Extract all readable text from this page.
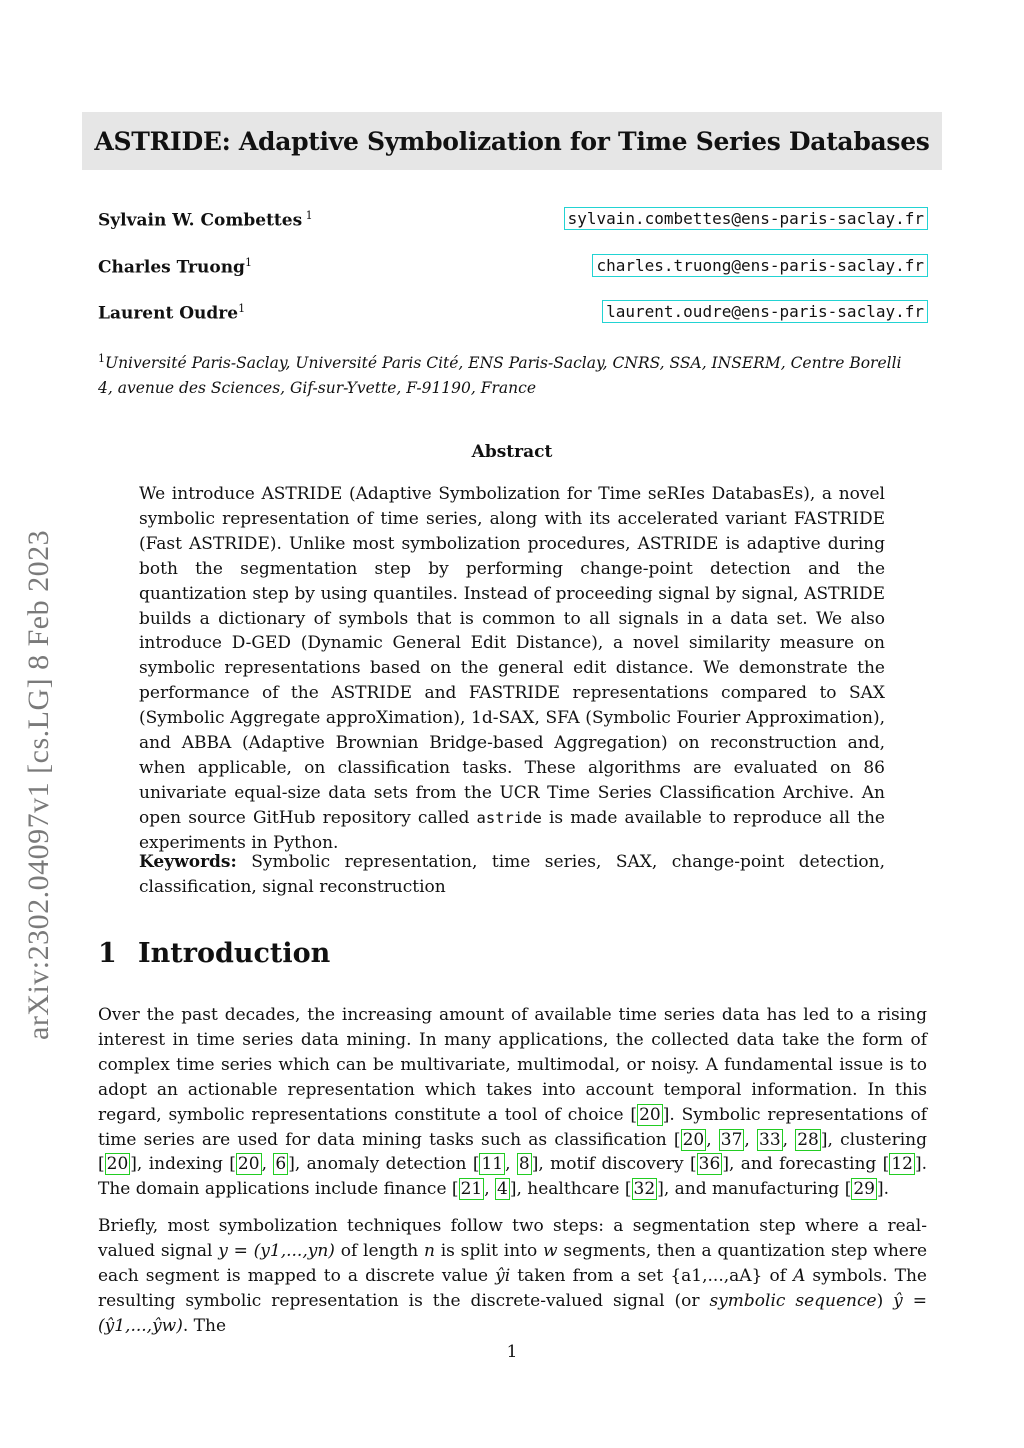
arXiv:2302.04097v1 [cs.LG] 8 Feb 2023
ASTRIDE: Adaptive Symbolization for Time Series Databases
Sylvain W. Combettes $^1$	sylvain.combettes@ens-paris-saclay.fr
Charles Truong$^1$	charles.truong@ens-paris-saclay.fr
Laurent Oudre$^1$	laurent.oudre@ens-paris-saclay.fr
$^1$Université Paris-Saclay, Université Paris Cité, ENS Paris-Saclay, CNRS, SSA, INSERM, Centre Borelli
4, avenue des Sciences, Gif-sur-Yvette, F-91190, France
Abstract

We introduce ASTRIDE (Adaptive Symbolization for Time seRIes DatabasEs), a novel symbolic representation of time series, along with its accelerated variant FASTRIDE (Fast ASTRIDE). Unlike most symbolization procedures, ASTRIDE is adaptive during both the segmentation step by performing change-point detection and the quantization step by using quantiles. Instead of proceeding signal by signal, ASTRIDE builds a dictionary of symbols that is common to all signals in a data set. We also introduce D-GED (Dynamic General Edit Distance), a novel similarity measure on symbolic representations based on the general edit distance. We demonstrate the performance of the ASTRIDE and FASTRIDE representations compared to SAX (Symbolic Aggregate approXimation), 1d-SAX, SFA (Symbolic Fourier Approximation), and ABBA (Adaptive Brownian Bridge-based Aggregation) on reconstruction and, when applicable, on classification tasks. These algorithms are evaluated on 86 univariate equal-size data sets from the UCR Time Series Classification Archive. An open source GitHub repository called astride is made available to reproduce all the experiments in Python.

Keywords: Symbolic representation, time series, SAX, change-point detection, classification, signal reconstruction

1 Introduction

Over the past decades, the increasing amount of available time series data has led to a rising interest in time series data mining. In many applications, the collected data take the form of complex time series which can be multivariate, multimodal, or noisy. A fundamental issue is to adopt an actionable representation which takes into account temporal information. In this regard, symbolic representations constitute a tool of choice [ 20 ]. Symbolic representations of time series are used for data mining tasks such as classification [ 20 , 37 , 33 , 28 ], clustering [ 20 ], indexing [ 20 , 6 ], anomaly detection [ 11 , 8 ], motif discovery [ 36 ], and forecasting [ 12 ]. The domain applications include finance [ 21 , 4 ], healthcare [ 32 ], and manufacturing [ 29 ].

Briefly, most symbolization techniques follow two steps: a segmentation step where a real-valued signal y = (y1,...,yn) of length n is split into w segments, then a quantization step where each segment is mapped to a discrete value ŷi taken from a set {a1,...,aA} of A symbols. The resulting symbolic representation is the discrete-valued signal (or symbolic sequence) ŷ = (ŷ1,...,ŷw). The

1
